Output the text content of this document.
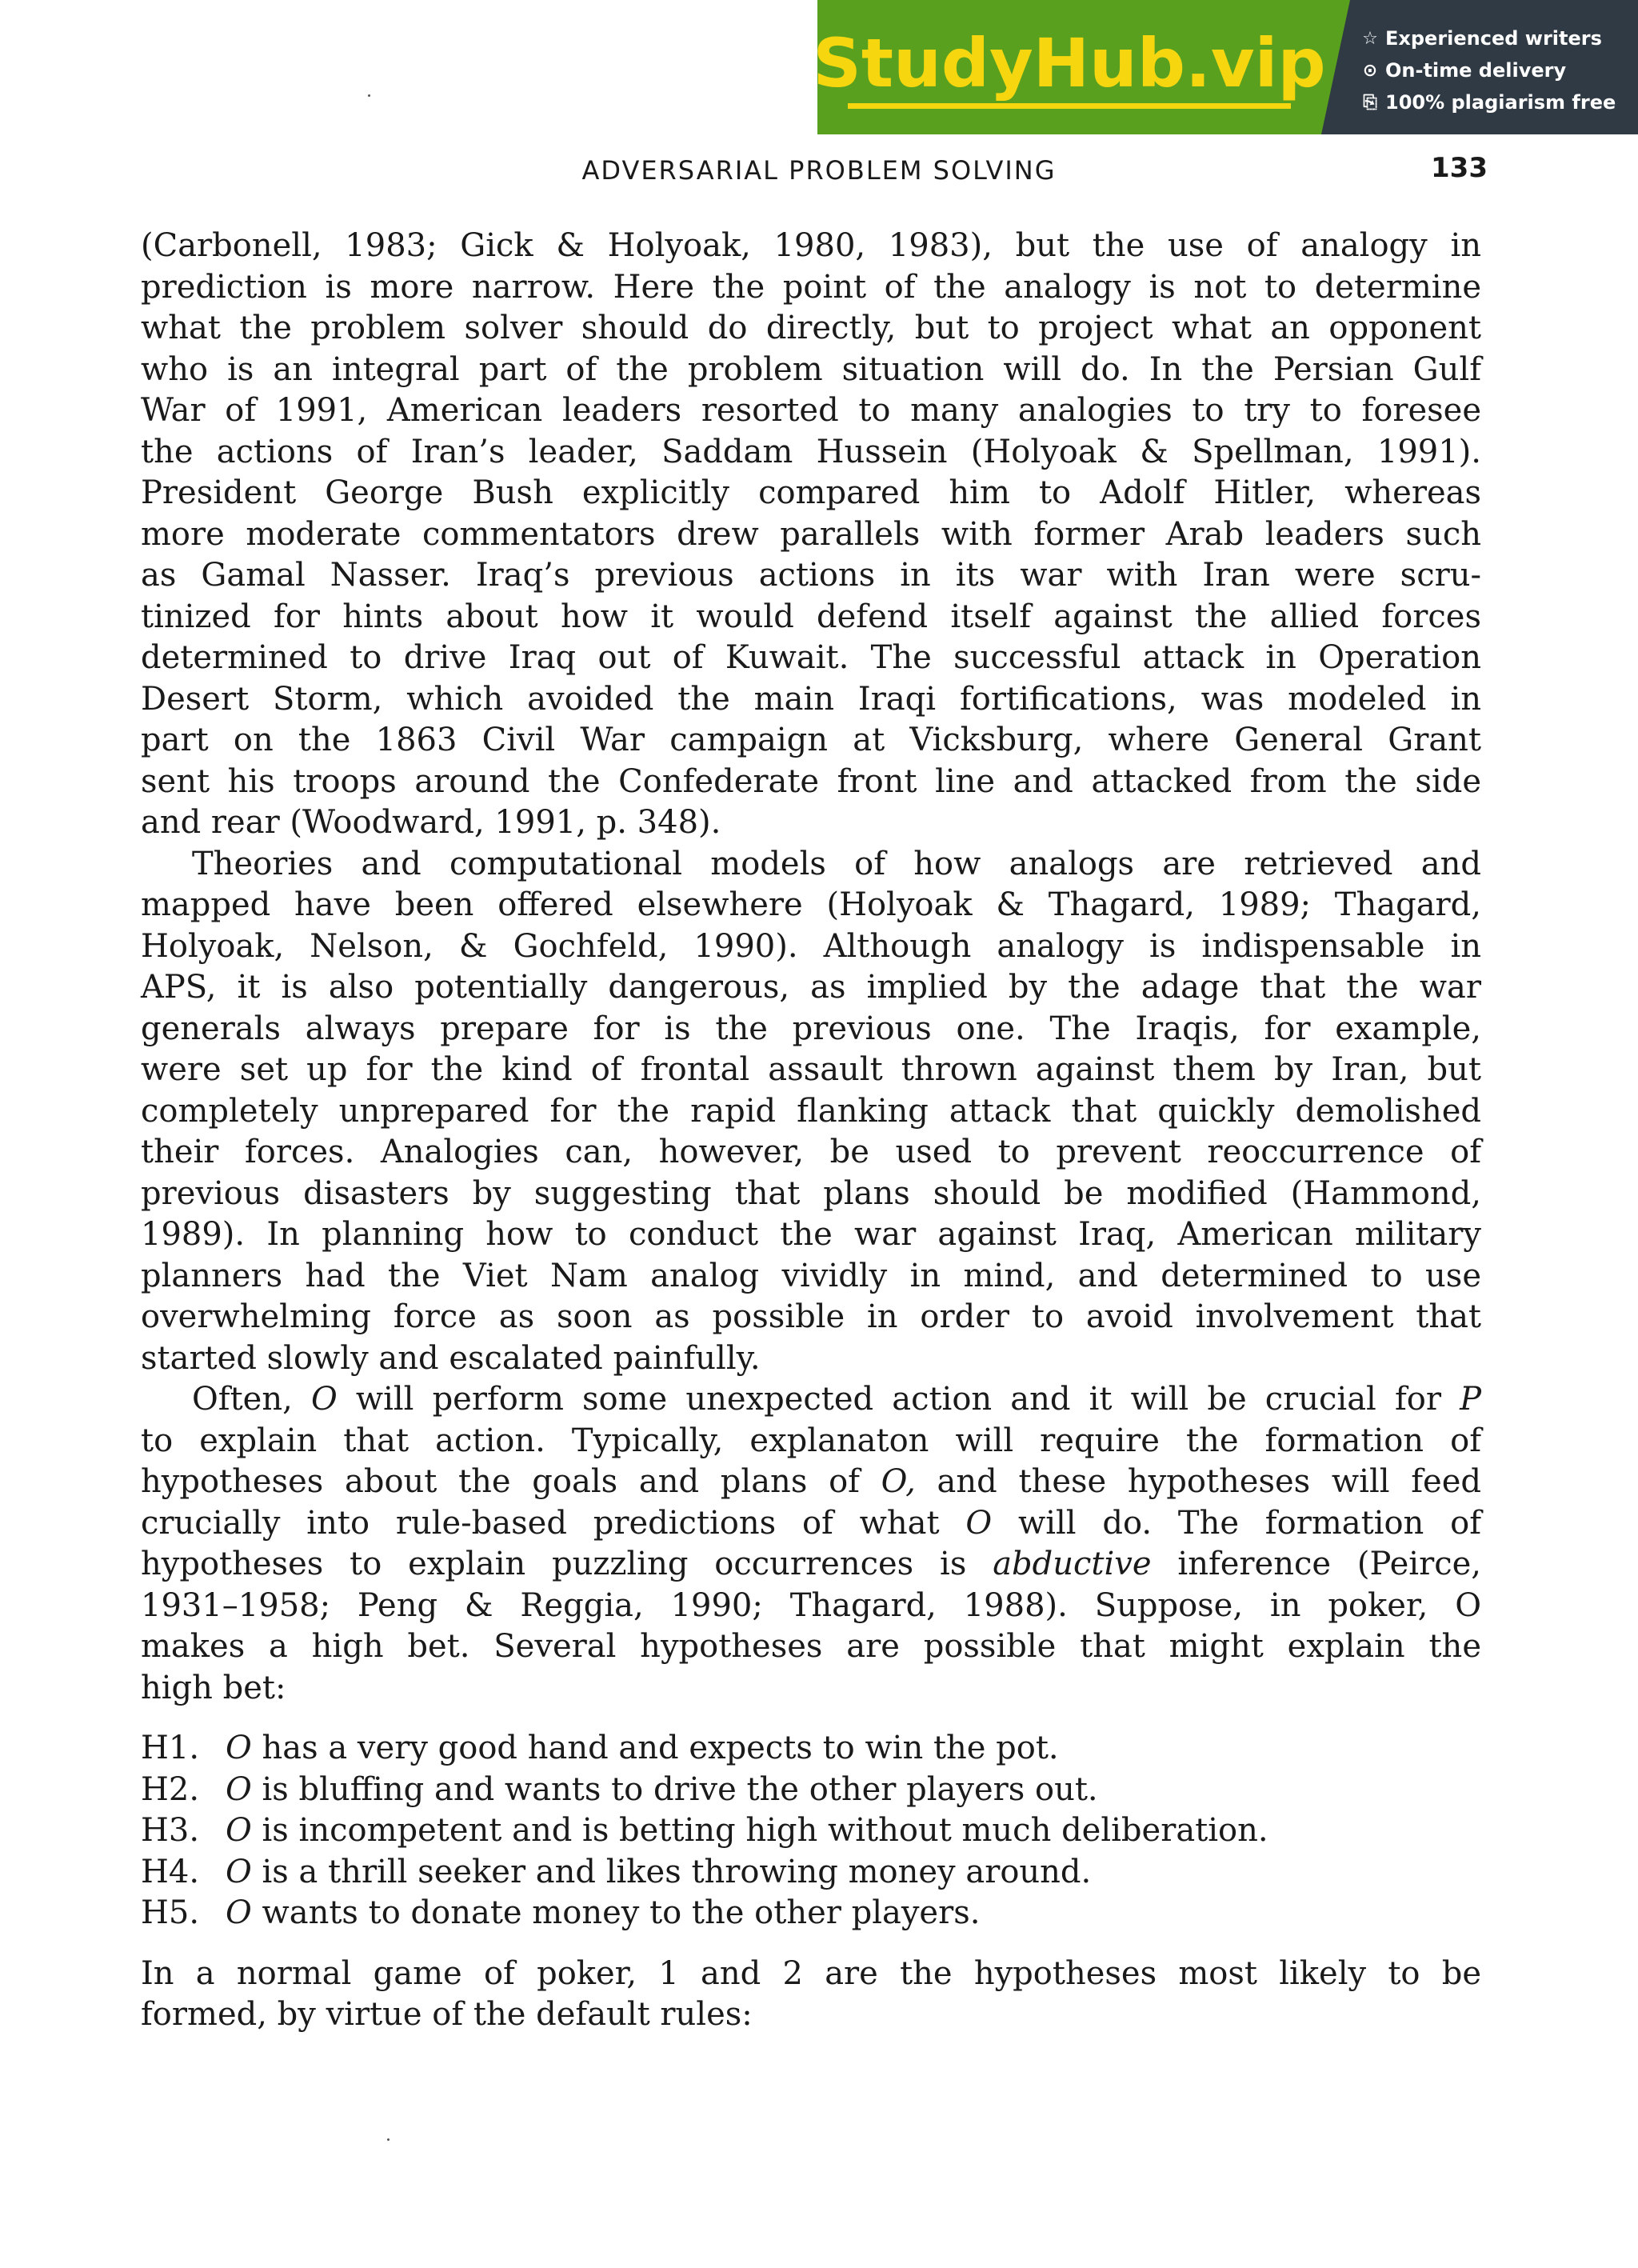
StudyHub.vip ☆ Experienced writers
⊙ On-time delivery
⎘ 100% plagiarism free
ADVERSARIAL PROBLEM SOLVING	133

(Carbonell, 1983; Gick & Holyoak, 1980, 1983), but the use of analogy in
prediction is more narrow. Here the point of the analogy is not to determine
what the problem solver should do directly, but to project what an opponent
who is an integral part of the problem situation will do. In the Persian Gulf
War of 1991, American leaders resorted to many analogies to try to foresee
the actions of Iran’s leader, Saddam Hussein (Holyoak & Spellman, 1991).
President George Bush explicitly compared him to Adolf Hitler, whereas
more moderate commentators drew parallels with former Arab leaders such
as Gamal Nasser. Iraq’s previous actions in its war with Iran were scru-
tinized for hints about how it would defend itself against the allied forces
determined to drive Iraq out of Kuwait. The successful attack in Operation
Desert Storm, which avoided the main Iraqi fortifications, was modeled in
part on the 1863 Civil War campaign at Vicksburg, where General Grant
sent his troops around the Confederate front line and attacked from the side
and rear (Woodward, 1991, p. 348).

Theories and computational models of how analogs are retrieved and
mapped have been offered elsewhere (Holyoak & Thagard, 1989; Thagard,
Holyoak, Nelson, & Gochfeld, 1990). Although analogy is indispensable in
APS, it is also potentially dangerous, as implied by the adage that the war
generals always prepare for is the previous one. The Iraqis, for example,
were set up for the kind of frontal assault thrown against them by Iran, but
completely unprepared for the rapid flanking attack that quickly demolished
their forces. Analogies can, however, be used to prevent reoccurrence of
previous disasters by suggesting that plans should be modified (Hammond,
1989). In planning how to conduct the war against Iraq, American military
planners had the Viet Nam analog vividly in mind, and determined to use
overwhelming force as soon as possible in order to avoid involvement that
started slowly and escalated painfully.

Often, O will perform some unexpected action and it will be crucial for P
to explain that action. Typically, explanaton will require the formation of
hypotheses about the goals and plans of O, and these hypotheses will feed
crucially into rule-based predictions of what O will do. The formation of
hypotheses to explain puzzling occurrences is abductive inference (Peirce,
1931–1958; Peng & Reggia, 1990; Thagard, 1988). Suppose, in poker, O
makes a high bet. Several hypotheses are possible that might explain the
high bet:

H1. O has a very good hand and expects to win the pot.
H2. O is bluffing and wants to drive the other players out.
H3. O is incompetent and is betting high without much deliberation.
H4. O is a thrill seeker and likes throwing money around.
H5. O wants to donate money to the other players.

In a normal game of poker, 1 and 2 are the hypotheses most likely to be
formed, by virtue of the default rules:
